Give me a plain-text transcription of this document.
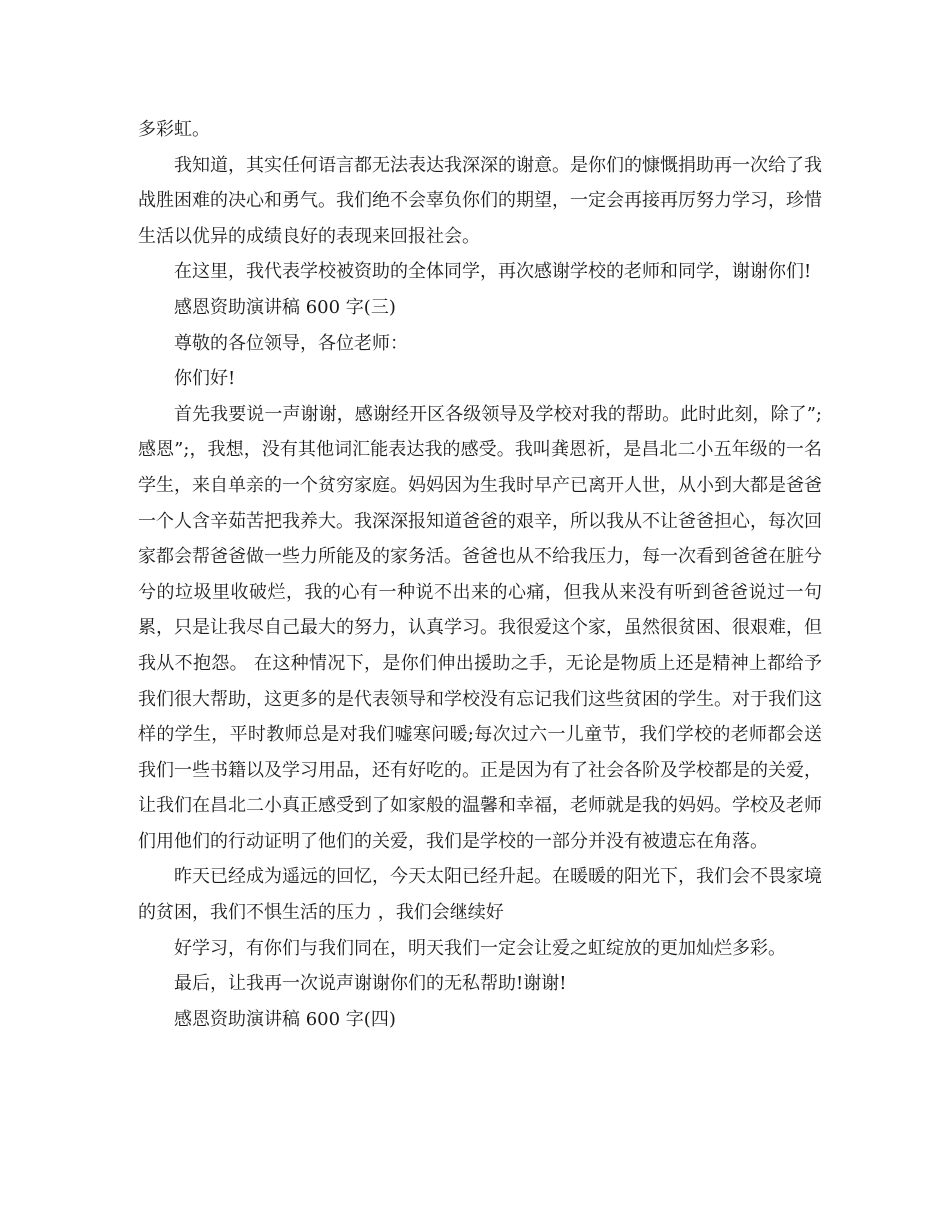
多彩虹。

我知道，其实任何语言都无法表达我深深的谢意。是你们的慷慨捐助再一次给了我战胜困难的决心和勇气。我们绝不会辜负你们的期望，一定会再接再厉努力学习，珍惜生活以优异的成绩良好的表现来回报社会。

在这里，我代表学校被资助的全体同学，再次感谢学校的老师和同学，谢谢你们!

感恩资助演讲稿 600 字(三)

尊敬的各位领导，各位老师：

你们好!

首先我要说一声谢谢，感谢经开区各级领导及学校对我的帮助。此时此刻，除了”;感恩”;，我想，没有其他词汇能表达我的感受。我叫龚恩祈，是昌北二小五年级的一名学生，来自单亲的一个贫穷家庭。妈妈因为生我时早产已离开人世，从小到大都是爸爸一个人含辛茹苦把我养大。我深深报知道爸爸的艰辛，所以我从不让爸爸担心，每次回家都会帮爸爸做一些力所能及的家务活。爸爸也从不给我压力，每一次看到爸爸在脏兮兮的垃圾里收破烂，我的心有一种说不出来的心痛，但我从来没有听到爸爸说过一句累，只是让我尽自己最大的努力，认真学习。我很爱这个家，虽然很贫困、很艰难，但我从不抱怨。 在这种情况下，是你们伸出援助之手，无论是物质上还是精神上都给予我们很大帮助，这更多的是代表领导和学校没有忘记我们这些贫困的学生。对于我们这样的学生，平时教师总是对我们嘘寒问暖;每次过六一儿童节，我们学校的老师都会送我们一些书籍以及学习用品，还有好吃的。正是因为有了社会各阶及学校都是的关爱，让我们在昌北二小真正感受到了如家般的温馨和幸福，老师就是我的妈妈。学校及老师们用他们的行动证明了他们的关爱，我们是学校的一部分并没有被遗忘在角落。

昨天已经成为遥远的回忆，今天太阳已经升起。在暖暖的阳光下，我们会不畏家境的贫困，我们不惧生活的压力 ，我们会继续好

好学习，有你们与我们同在，明天我们一定会让爱之虹绽放的更加灿烂多彩。

最后，让我再一次说声谢谢你们的无私帮助!谢谢!

感恩资助演讲稿 600 字(四)
